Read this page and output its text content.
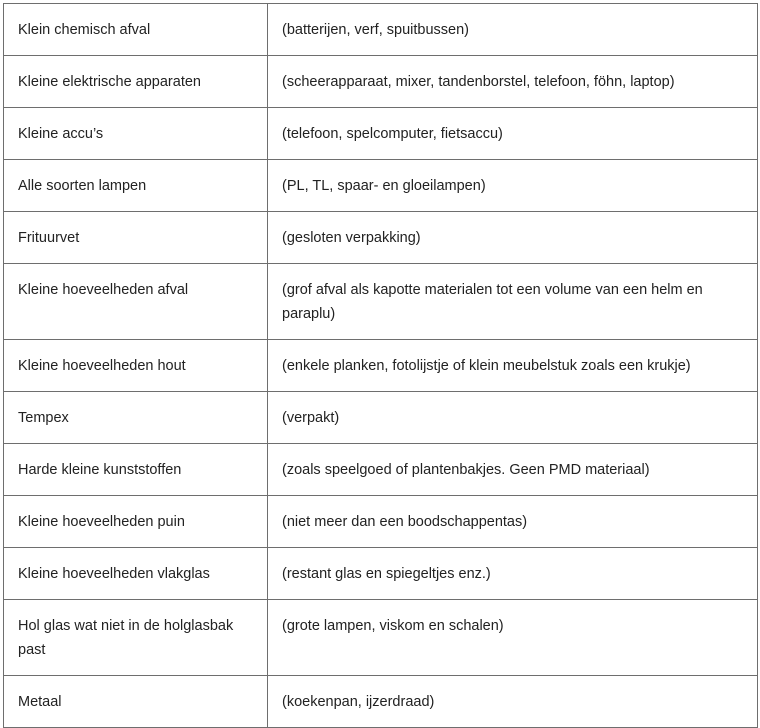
Klein chemisch afval	(batterijen, verf, spuitbussen)
Kleine elektrische apparaten	(scheerapparaat, mixer, tandenborstel, telefoon, föhn, laptop)
Kleine accu’s	(telefoon, spelcomputer, fietsaccu)
Alle soorten lampen	(PL, TL, spaar- en gloeilampen)
Frituurvet	(gesloten verpakking)
Kleine hoeveelheden afval	(grof afval als kapotte materialen tot een volume van een helm en paraplu)
Kleine hoeveelheden hout	(enkele planken, fotolijstje of klein meubelstuk zoals een krukje)
Tempex	(verpakt)
Harde kleine kunststoffen	(zoals speelgoed of plantenbakjes. Geen PMD materiaal)
Kleine hoeveelheden puin	(niet meer dan een boodschappentas)
Kleine hoeveelheden vlakglas	(restant glas en spiegeltjes enz.)
Hol glas wat niet in de holglasbak past	(grote lampen, viskom en schalen)
Metaal	(koekenpan, ijzerdraad)
